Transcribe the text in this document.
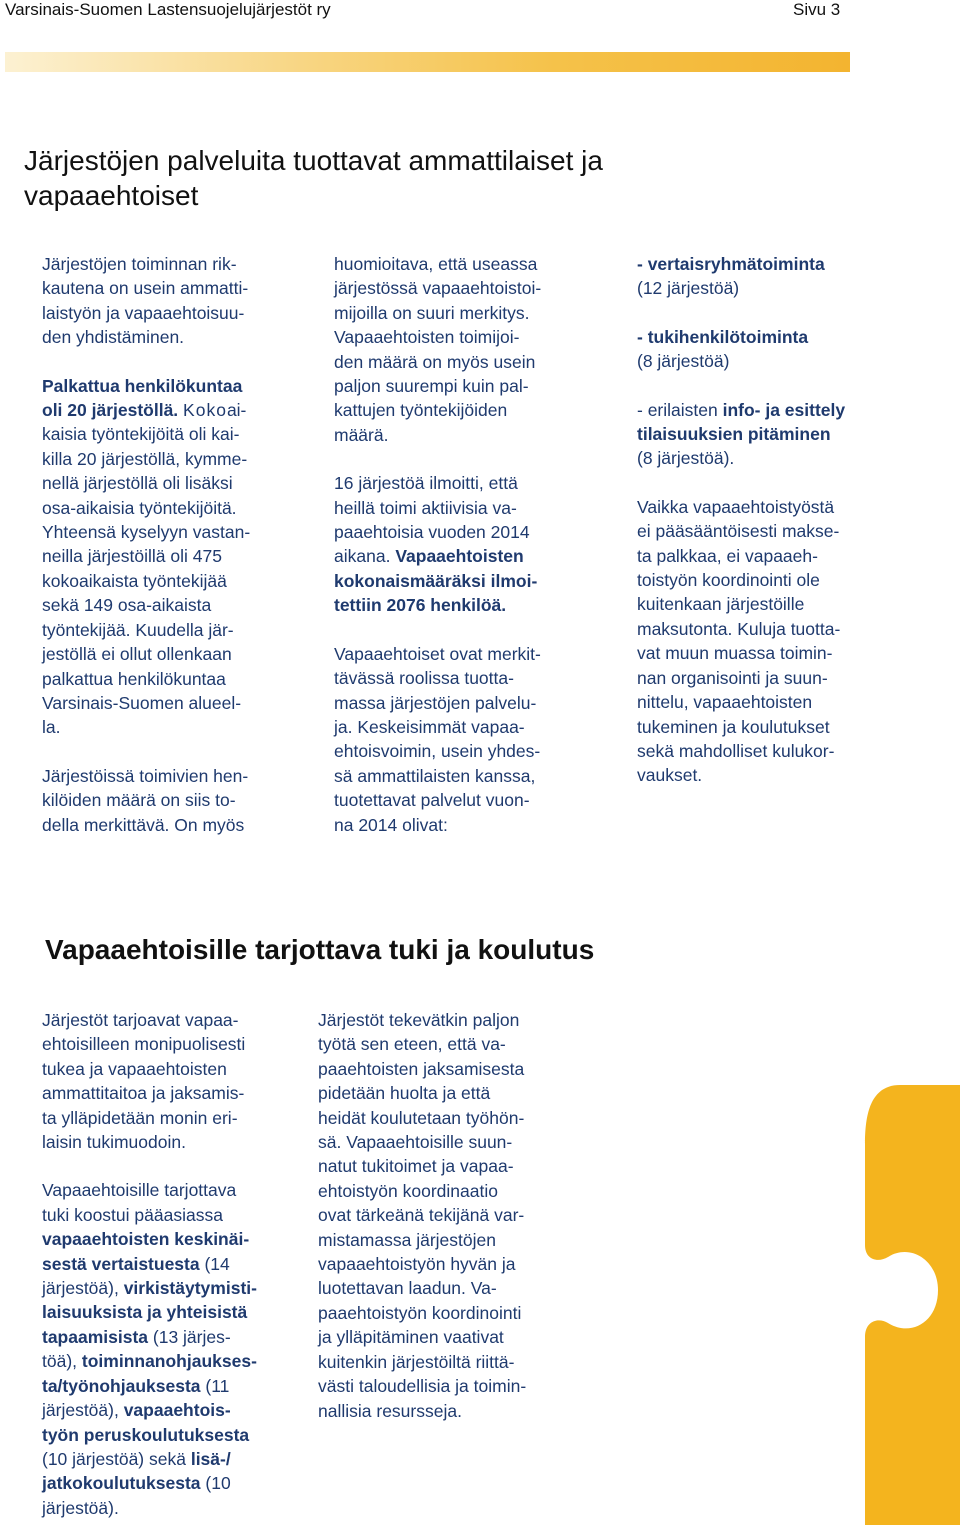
Varsinais-Suomen Lastensuojelujärjestöt ry	Sivu 3
Järjestöjen palveluita tuottavat ammattilaiset ja
vapaaehtoiset

Järjestöjen toiminnan rik-
kautena on usein ammatti-
laistyön ja vapaaehtoisuu-
den yhdistäminen.

Palkattua henkilökuntaa
oli 20 järjestöllä. Kokoai-
kaisia työntekijöitä oli kai-
killa 20 järjestöllä, kymme-
nellä järjestöllä oli lisäksi
osa-aikaisia työntekijöitä.
Yhteensä kyselyyn vastan-
neilla järjestöillä oli 475
kokoaikaista työntekijää
sekä 149 osa-aikaista
työntekijää. Kuudella jär-
jestöllä ei ollut ollenkaan
palkattua henkilökuntaa
Varsinais-Suomen alueel-
la.

Järjestöissä toimivien hen-
kilöiden määrä on siis to-
della merkittävä. On myös

huomioitava, että useassa
järjestössä vapaaehtoistoi-
mijoilla on suuri merkitys.
Vapaaehtoisten toimijoi-
den määrä on myös usein
paljon suurempi kuin pal-
kattujen työntekijöiden
määrä.

16 järjestöä ilmoitti, että
heillä toimi aktiivisia va-
paaehtoisia vuoden 2014
aikana. Vapaaehtoisten
kokonaismääräksi ilmoi-
tettiin 2076 henkilöä.

Vapaaehtoiset ovat merkit-
tävässä roolissa tuotta-
massa järjestöjen palvelu-
ja. Keskeisimmät vapaa-
ehtoisvoimin, usein yhdes-
sä ammattilaisten kanssa,
tuotettavat palvelut vuon-
na 2014 olivat:

- vertaisryhmätoiminta
(12 järjestöä)

- tukihenkilötoiminta
(8 järjestöä)

- erilaisten info- ja esittely
tilaisuuksien pitäminen
(8 järjestöä).

Vaikka vapaaehtoistyöstä
ei pääsääntöisesti makse-
ta palkkaa, ei vapaaeh-
toistyön koordinointi ole
kuitenkaan järjestöille
maksutonta. Kuluja tuotta-
vat muun muassa toimin-
nan organisointi ja suun-
nittelu, vapaaehtoisten
tukeminen ja koulutukset
sekä mahdolliset kulukor-
vaukset.

Vapaaehtoisille tarjottava tuki ja koulutus

Järjestöt tarjoavat vapaa-
ehtoisilleen monipuolisesti
tukea ja vapaaehtoisten
ammattitaitoa ja jaksamis-
ta ylläpidetään monin eri-
laisin tukimuodoin.

Vapaaehtoisille tarjottava
tuki koostui pääasiassa
vapaaehtoisten keskinäi-
sestä vertaistuesta (14
järjestöä), virkistäytymisti-
laisuuksista ja yhteisistä
tapaamisista (13 järjes-
töä), toiminnanohjaukses-
ta/työnohjauksesta (11
järjestöä), vapaaehtois-
työn peruskoulutuksesta
(10 järjestöä) sekä lisä-/
jatkokoulutuksesta (10
järjestöä).

Järjestöt tekevätkin paljon
työtä sen eteen, että va-
paaehtoisten jaksamisesta
pidetään huolta ja että
heidät koulutetaan työhön-
sä. Vapaaehtoisille suun-
natut tukitoimet ja vapaa-
ehtoistyön koordinaatio
ovat tärkeänä tekijänä var-
mistamassa järjestöjen
vapaaehtoistyön hyvän ja
luotettavan laadun. Va-
paaehtoistyön koordinointi
ja ylläpitäminen vaativat
kuitenkin järjestöiltä riittä-
västi taloudellisia ja toimin-
nallisia resursseja.
